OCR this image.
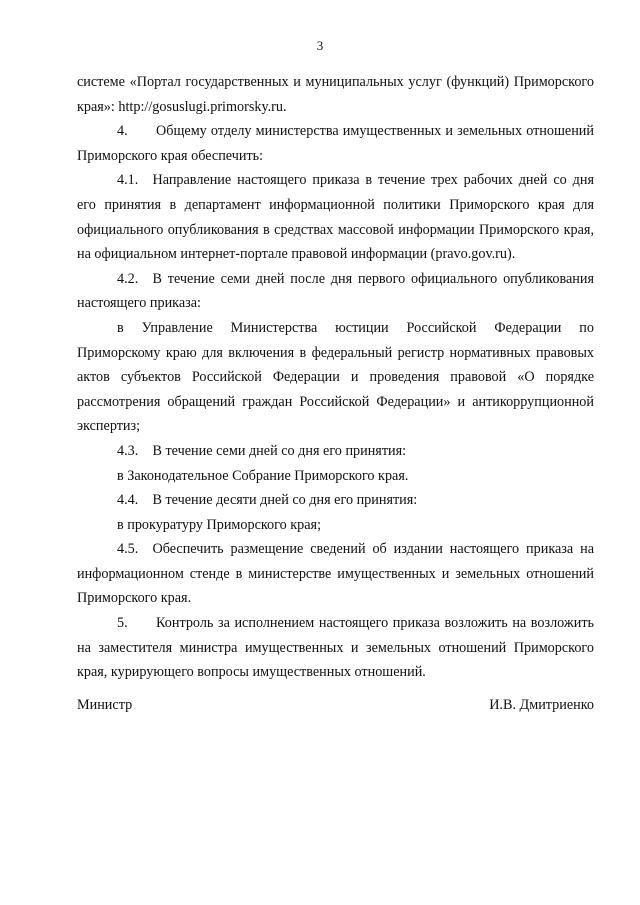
3

системе «Портал государственных и муниципальных услуг (функций) Приморского края»: http://gosuslugi.primorsky.ru.

4.  Общему отделу министерства имущественных и земельных отношений Приморского края обеспечить:

4.1. Направление настоящего приказа в течение трех рабочих дней со дня его принятия в департамент информационной политики Приморского края для официального опубликования в средствах массовой информации Приморского края, на официальном интернет-портале правовой информации (pravo.gov.ru).

4.2. В течение семи дней после дня первого официального опубликования настоящего приказа:

в Управление Министерства юстиции Российской Федерации по Приморскому краю для включения в федеральный регистр нормативных правовых актов субъектов Российской Федерации и проведения правовой «О порядке рассмотрения обращений граждан Российской Федерации» и антикоррупционной экспертиз;

4.3. В течение семи дней со дня его принятия:

в Законодательное Собрание Приморского края.

4.4. В течение десяти дней со дня его принятия:

в прокуратуру Приморского края;

4.5. Обеспечить размещение сведений об издании настоящего приказа на информационном стенде в министерстве имущественных и земельных отношений Приморского края.

5.  Контроль за исполнением настоящего приказа возложить на возложить на заместителя министра имущественных и земельных отношений Приморского края, курирующего вопросы имущественных отношений.

Министр	И.В. Дмитриенко
